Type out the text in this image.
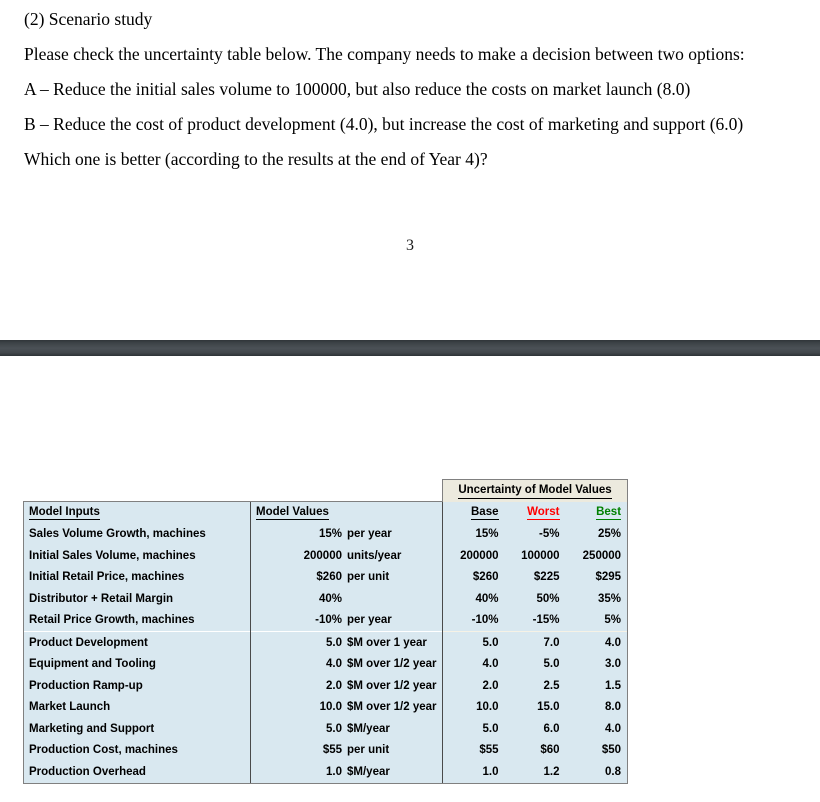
(2) Scenario study
Please check the uncertainty table below. The company needs to make a decision between two options:
A – Reduce the initial sales volume to 100000, but also reduce the costs on market launch (8.0)
B – Reduce the cost of product development (4.0), but increase the cost of marketing and support (6.0)
Which one is better (according to the results at the end of Year 4)?
3
		Uncertainty of Model Values		
Model Inputs	Model Values	Base	Worst	Best
Sales Volume Growth, machines	15% per year	15%	-5%	25%
Initial Sales Volume, machines	200000 units/year	200000	100000	250000
Initial Retail Price, machines	$260 per unit	$260	$225	$295
Distributor + Retail Margin	40%	40%	50%	35%
Retail Price Growth, machines	-10% per year	-10%	-15%	5%
Product Development	5.0 $M over 1 year	5.0	7.0	4.0
Equipment and Tooling	4.0 $M over 1/2 year	4.0	5.0	3.0
Production Ramp-up	2.0 $M over 1/2 year	2.0	2.5	1.5
Market Launch	10.0 $M over 1/2 year	10.0	15.0	8.0
Marketing and Support	5.0 $M/year	5.0	6.0	4.0
Production Cost, machines	$55 per unit	$55	$60	$50
Production Overhead	1.0 $M/year	1.0	1.2	0.8
